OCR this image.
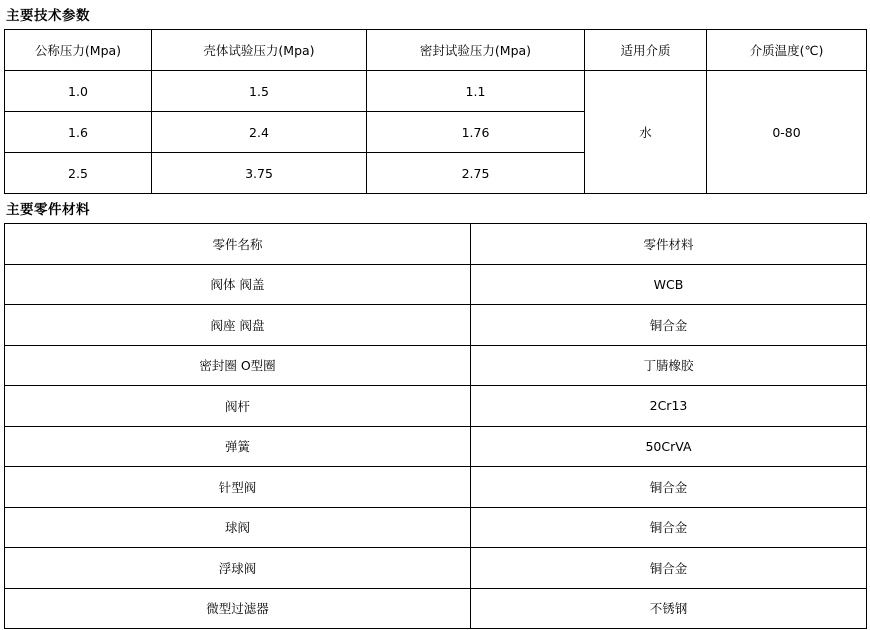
主要技术参数
公称压力(Mpa)	壳体试验压力(Mpa)	密封试验压力(Mpa)	适用介质	介质温度(℃)
1.0	1.5	1.1	水	0-80
1.6	2.4	1.76		
2.5	3.75	2.75		
主要零件材料
零件名称	零件材料
阀体 阀盖	WCB
阀座 阀盘	铜合金
密封圈 O型圈	丁腈橡胶
阀杆	2Cr13
弹簧	50CrVA
针型阀	铜合金
球阀	铜合金
浮球阀	铜合金
微型过滤器	不锈钢
